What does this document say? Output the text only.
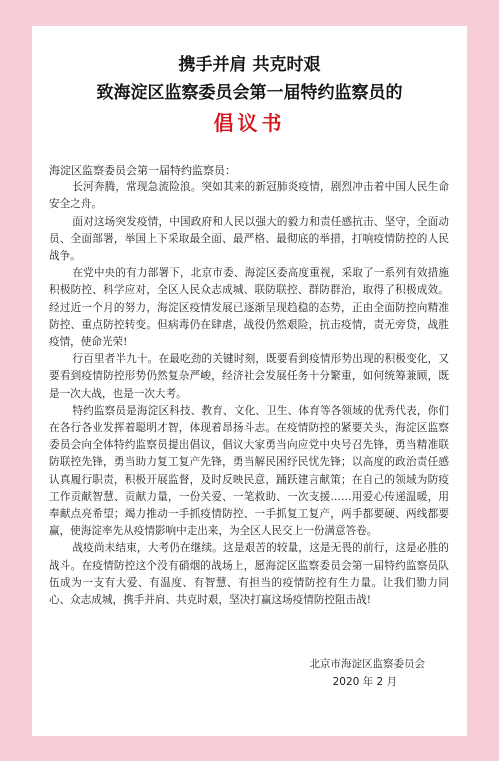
携手并肩 共克时艰
致海淀区监察委员会第一届特约监察员的
倡议书
海淀区监察委员会第一届特约监察员：

长河奔腾，常现急流险浪。突如其来的新冠肺炎疫情，剧烈冲击着中国人民生命安全之舟。

面对这场突发疫情，中国政府和人民以强大的毅力和责任感抗击、坚守，全面动员、全面部署，举国上下采取最全面、最严格、最彻底的举措，打响疫情防控的人民战争。

在党中央的有力部署下，北京市委、海淀区委高度重视，采取了一系列有效措施积极防控、科学应对，全区人民众志成城、联防联控、群防群治，取得了积极成效。经过近一个月的努力，海淀区疫情发展已逐渐呈现趋稳的态势，正由全面防控向精准防控、重点防控转变。但病毒仍在肆虐，战役仍然艰险，抗击疫情，责无旁贷，战胜疫情，使命光荣!

行百里者半九十。在最吃劲的关键时刻，既要看到疫情形势出现的积极变化，又要看到疫情防控形势仍然复杂严峻，经济社会发展任务十分繁重，如何统筹兼顾，既是一次大战，也是一次大考。

特约监察员是海淀区科技、教育、文化、卫生、体育等各领域的优秀代表，你们在各行各业发挥着聪明才智，体现着昂扬斗志。在疫情防控的紧要关头，海淀区监察委员会向全体特约监察员提出倡议，倡议大家勇当向应党中央号召先锋，勇当精准联防联控先锋，勇当助力复工复产先锋，勇当解民困纾民忧先锋；以高度的政治责任感认真履行职责，积极开展监督，及时反映民意，踊跃建言献策；在自己的领域为防疫工作贡献智慧、贡献力量，一份关爱、一笔救助、一次支援……用爱心传递温暖，用奉献点亮希望；竭力推动一手抓疫情防控、一手抓复工复产，两手都要硬、两线都要赢，使海淀率先从疫情影响中走出来，为全区人民交上一份满意答卷。

战疫尚未结束，大考仍在继续。这是艰苦的较量，这是无畏的前行，这是必胜的战斗。在疫情防控这个没有硝烟的战场上，愿海淀区监察委员会第一届特约监察员队伍成为一支有大爱、有温度、有智慧、有担当的疫情防控有生力量。让我们勠力同心、众志成城，携手并肩、共克时艰，坚决打赢这场疫情防控阻击战!

北京市海淀区监察委员会
2020 年 2 月
